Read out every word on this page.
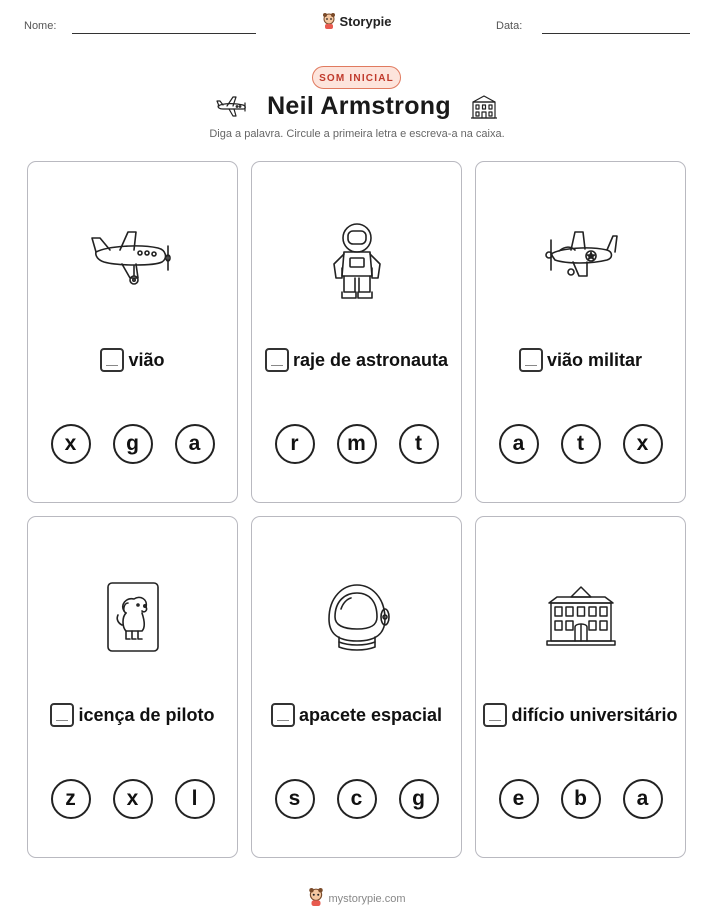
Nome:	Storypie	Data:
SOM INICIAL
Neil Armstrong
Diga a palavra. Circule a primeira letra e escreva-a na caixa.
vião
x g a
raje de astronauta
r m t
vião militar
a	t	x
icença de piloto
z x	l
apacete espacial
s c g
difício universitário
e b a
mystorypie.com
